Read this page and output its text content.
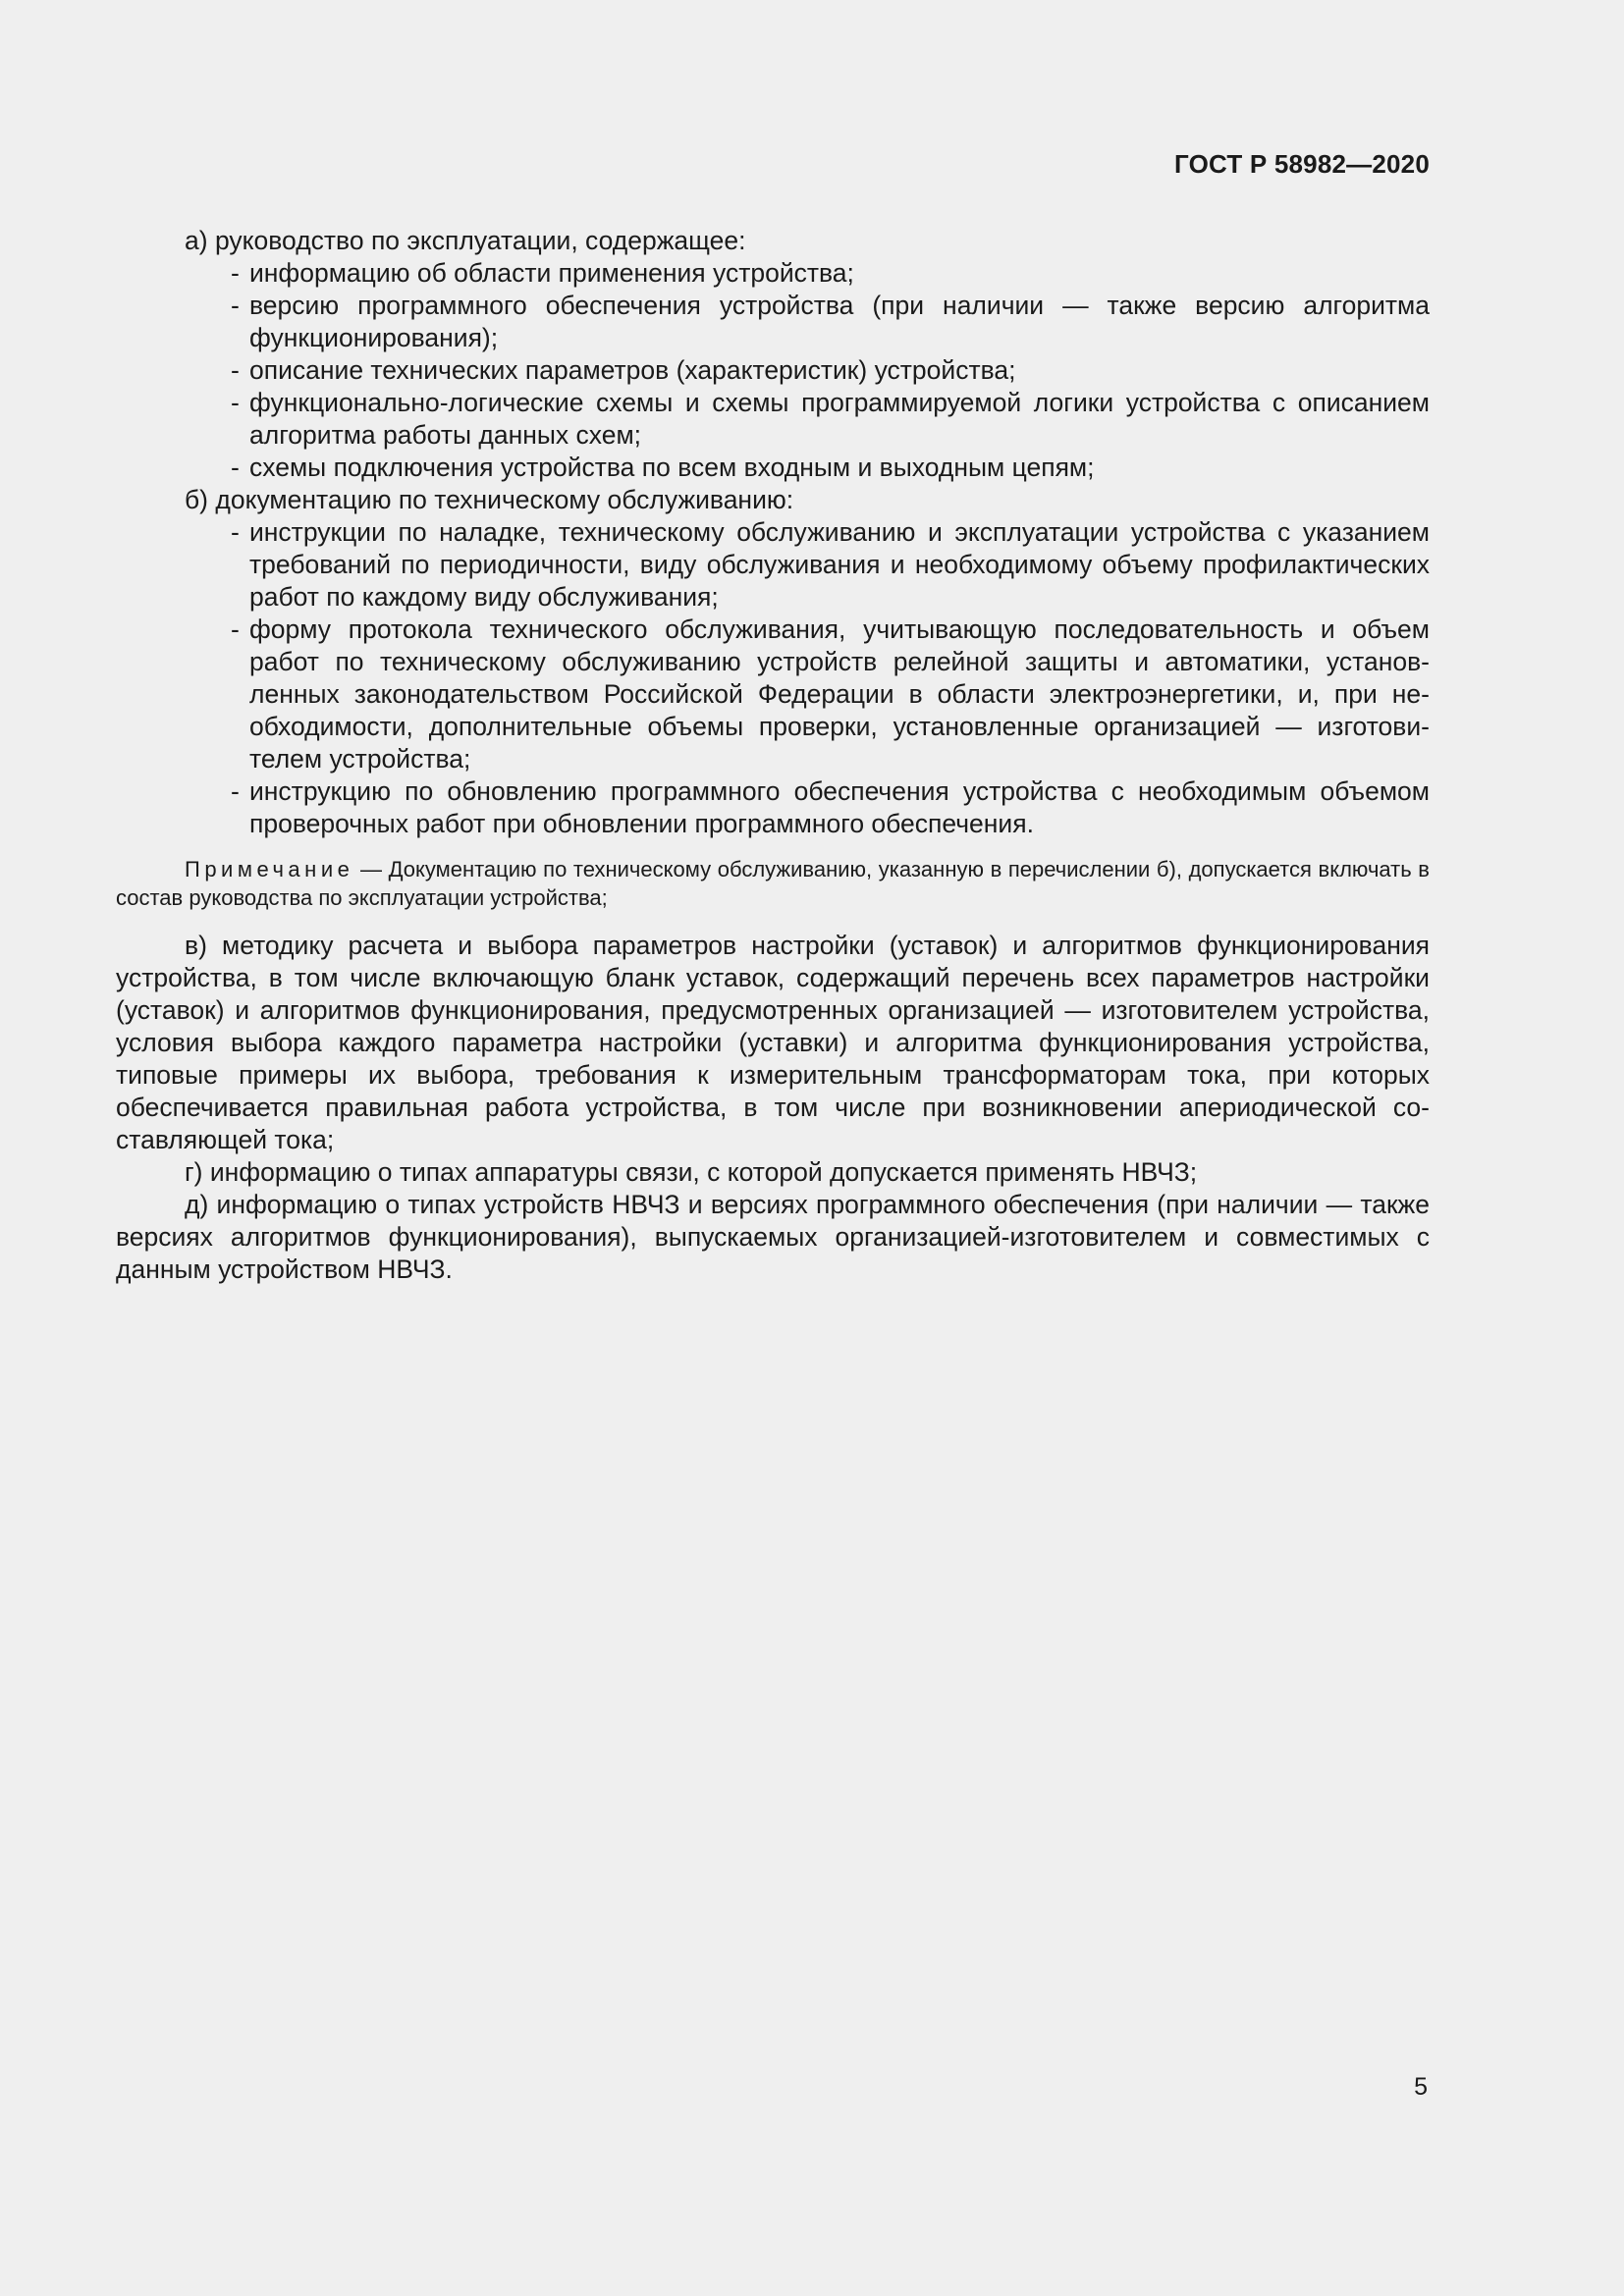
ГОСТ Р 58982—2020
а) руководство по эксплуатации, содержащее:
- информацию об области применения устройства;
- версию программного обеспечения устройства (при наличии — также версию алгоритма функционирования);
- описание технических параметров (характеристик) устройства;
- функционально-логические схемы и схемы программируемой логики устройства с описанием алгоритма работы данных схем;
- схемы подключения устройства по всем входным и выходным цепям;
б) документацию по техническому обслуживанию:
- инструкции по наладке, техническому обслуживанию и эксплуатации устройства с указанием требований по периодичности, виду обслуживания и необходимому объему профилактических работ по каждому виду обслуживания;
- форму протокола технического обслуживания, учитывающую последовательность и объем работ по техническому обслуживанию устройств релейной защиты и автоматики, установленных законодательством Российской Федерации в области электроэнергетики, и, при необходимости, дополнительные объемы проверки, установленные организацией — изготовителем устройства;
- инструкцию по обновлению программного обеспечения устройства с необходимым объемом проверочных работ при обновлении программного обеспечения.
Примечание — Документацию по техническому обслуживанию, указанную в перечислении б), допускается включать в состав руководства по эксплуатации устройства;
в) методику расчета и выбора параметров настройки (уставок) и алгоритмов функционирования устройства, в том числе включающую бланк уставок, содержащий перечень всех параметров настройки (уставок) и алгоритмов функционирования, предусмотренных организацией — изготовителем устройства, условия выбора каждого параметра настройки (уставки) и алгоритма функционирования устройства, типовые примеры их выбора, требования к измерительным трансформаторам тока, при которых обеспечивается правильная работа устройства, в том числе при возникновении апериодической составляющей тока;
г) информацию о типах аппаратуры связи, с которой допускается применять НВЧЗ;
д) информацию о типах устройств НВЧЗ и версиях программного обеспечения (при наличии — также версиях алгоритмов функционирования), выпускаемых организацией-изготовителем и совместимых с данным устройством НВЧЗ.
5
